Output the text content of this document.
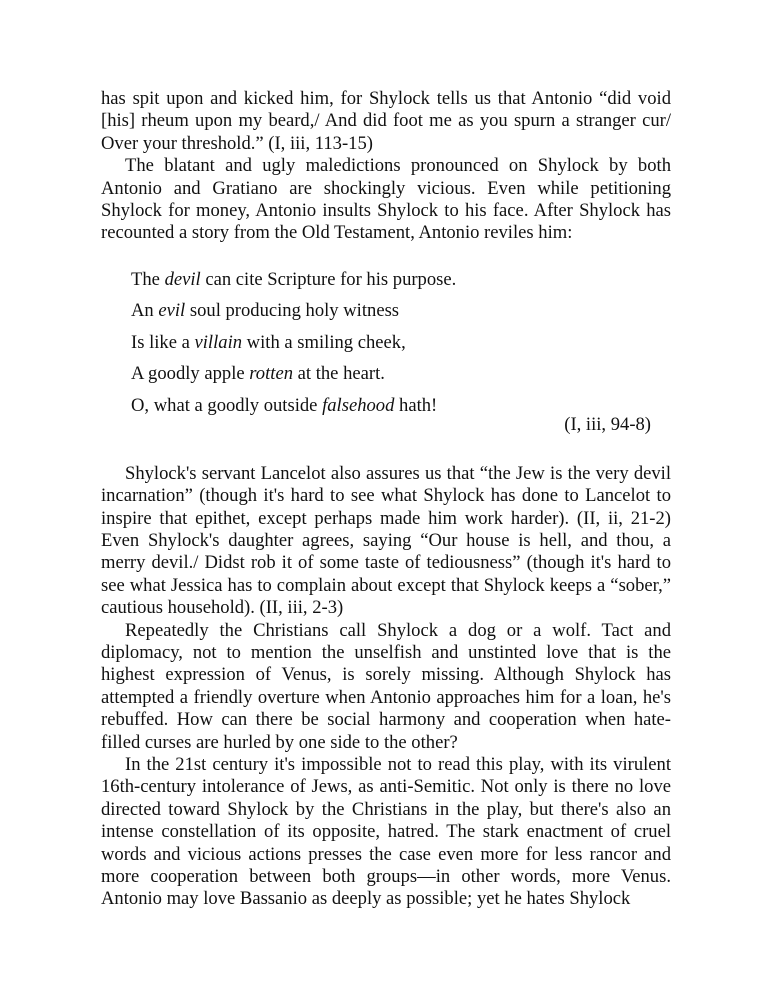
has spit upon and kicked him, for Shylock tells us that Antonio “did void [his] rheum upon my beard,/ And did foot me as you spurn a stranger cur/ Over your threshold.” (I, iii, 113-15)

The blatant and ugly maledictions pronounced on Shylock by both Antonio and Gratiano are shockingly vicious. Even while petitioning Shylock for money, Antonio insults Shylock to his face. After Shylock has recounted a story from the Old Testament, Antonio reviles him:

The devil can cite Scripture for his purpose.
An evil soul producing holy witness
Is like a villain with a smiling cheek,
A goodly apple rotten at the heart.
O, what a goodly outside falsehood hath!
(I, iii, 94-8)

Shylock's servant Lancelot also assures us that “the Jew is the very devil incarnation” (though it's hard to see what Shylock has done to Lancelot to inspire that epithet, except perhaps made him work harder). (II, ii, 21-2) Even Shylock's daughter agrees, saying “Our house is hell, and thou, a merry devil./ Didst rob it of some taste of tediousness” (though it's hard to see what Jessica has to complain about except that Shylock keeps a “sober,” cautious household). (II, iii, 2-3)

Repeatedly the Christians call Shylock a dog or a wolf. Tact and diplomacy, not to mention the unselfish and unstinted love that is the highest expression of Venus, is sorely missing. Although Shylock has attempted a friendly overture when Antonio approaches him for a loan, he's rebuffed. How can there be social harmony and cooperation when hate-filled curses are hurled by one side to the other?

In the 21st century it's impossible not to read this play, with its virulent 16th-century intolerance of Jews, as anti-Semitic. Not only is there no love directed toward Shylock by the Christians in the play, but there's also an intense constellation of its opposite, hatred. The stark enactment of cruel words and vicious actions presses the case even more for less rancor and more cooperation between both groups—in other words, more Venus. Antonio may love Bassanio as deeply as possible; yet he hates Shylock
